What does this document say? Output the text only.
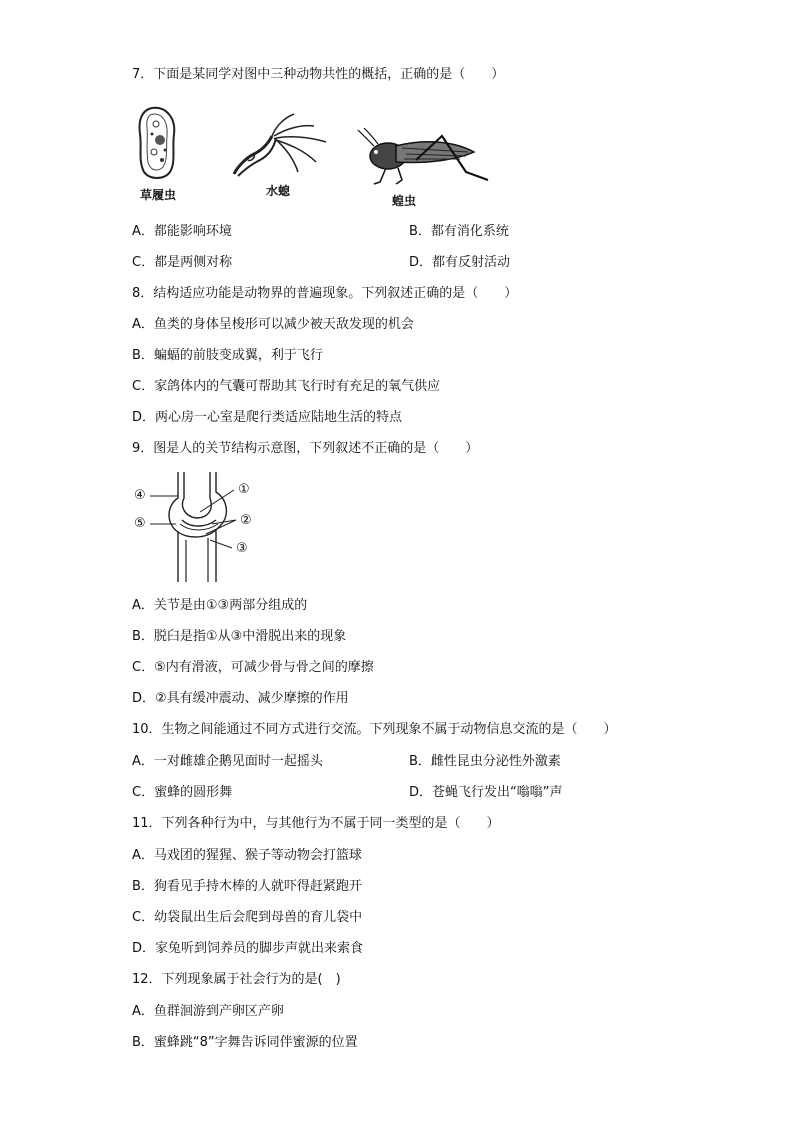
7．下面是某同学对图中三种动物共性的概括，正确的是（　　）
草履虫	水螅
蝗虫
A．都能影响环境	B．都有消化系统
C．都是两侧对称	D．都有反射活动
8．结构适应功能是动物界的普遍现象。下列叙述正确的是（　　）
A．鱼类的身体呈梭形可以减少被天敌发现的机会
B．蝙蝠的前肢变成翼，利于飞行
C．家鸽体内的气囊可帮助其飞行时有充足的氧气供应
D．两心房一心室是爬行类适应陆地生活的特点
9．图是人的关节结构示意图，下列叙述不正确的是（　　）
④
⑤
①
②
③
A．关节是由①③两部分组成的
B．脱臼是指①从③中滑脱出来的现象
C．⑤内有滑液，可减少骨与骨之间的摩擦
D．②具有缓冲震动、减少摩擦的作用
10．生物之间能通过不同方式进行交流。下列现象不属于动物信息交流的是（　　）
A．一对雌雄企鹅见面时一起摇头	B．雌性昆虫分泌性外激素
C．蜜蜂的圆形舞	D．苍蝇飞行发出“嗡嗡”声
11．下列各种行为中，与其他行为不属于同一类型的是（　　）
A．马戏团的猩猩、猴子等动物会打篮球
B．狗看见手持木棒的人就吓得赶紧跑开
C．幼袋鼠出生后会爬到母兽的育儿袋中
D．家兔听到饲养员的脚步声就出来索食
12．下列现象属于社会行为的是(　)
A．鱼群洄游到产卵区产卵
B．蜜蜂跳“8”字舞告诉同伴蜜源的位置
